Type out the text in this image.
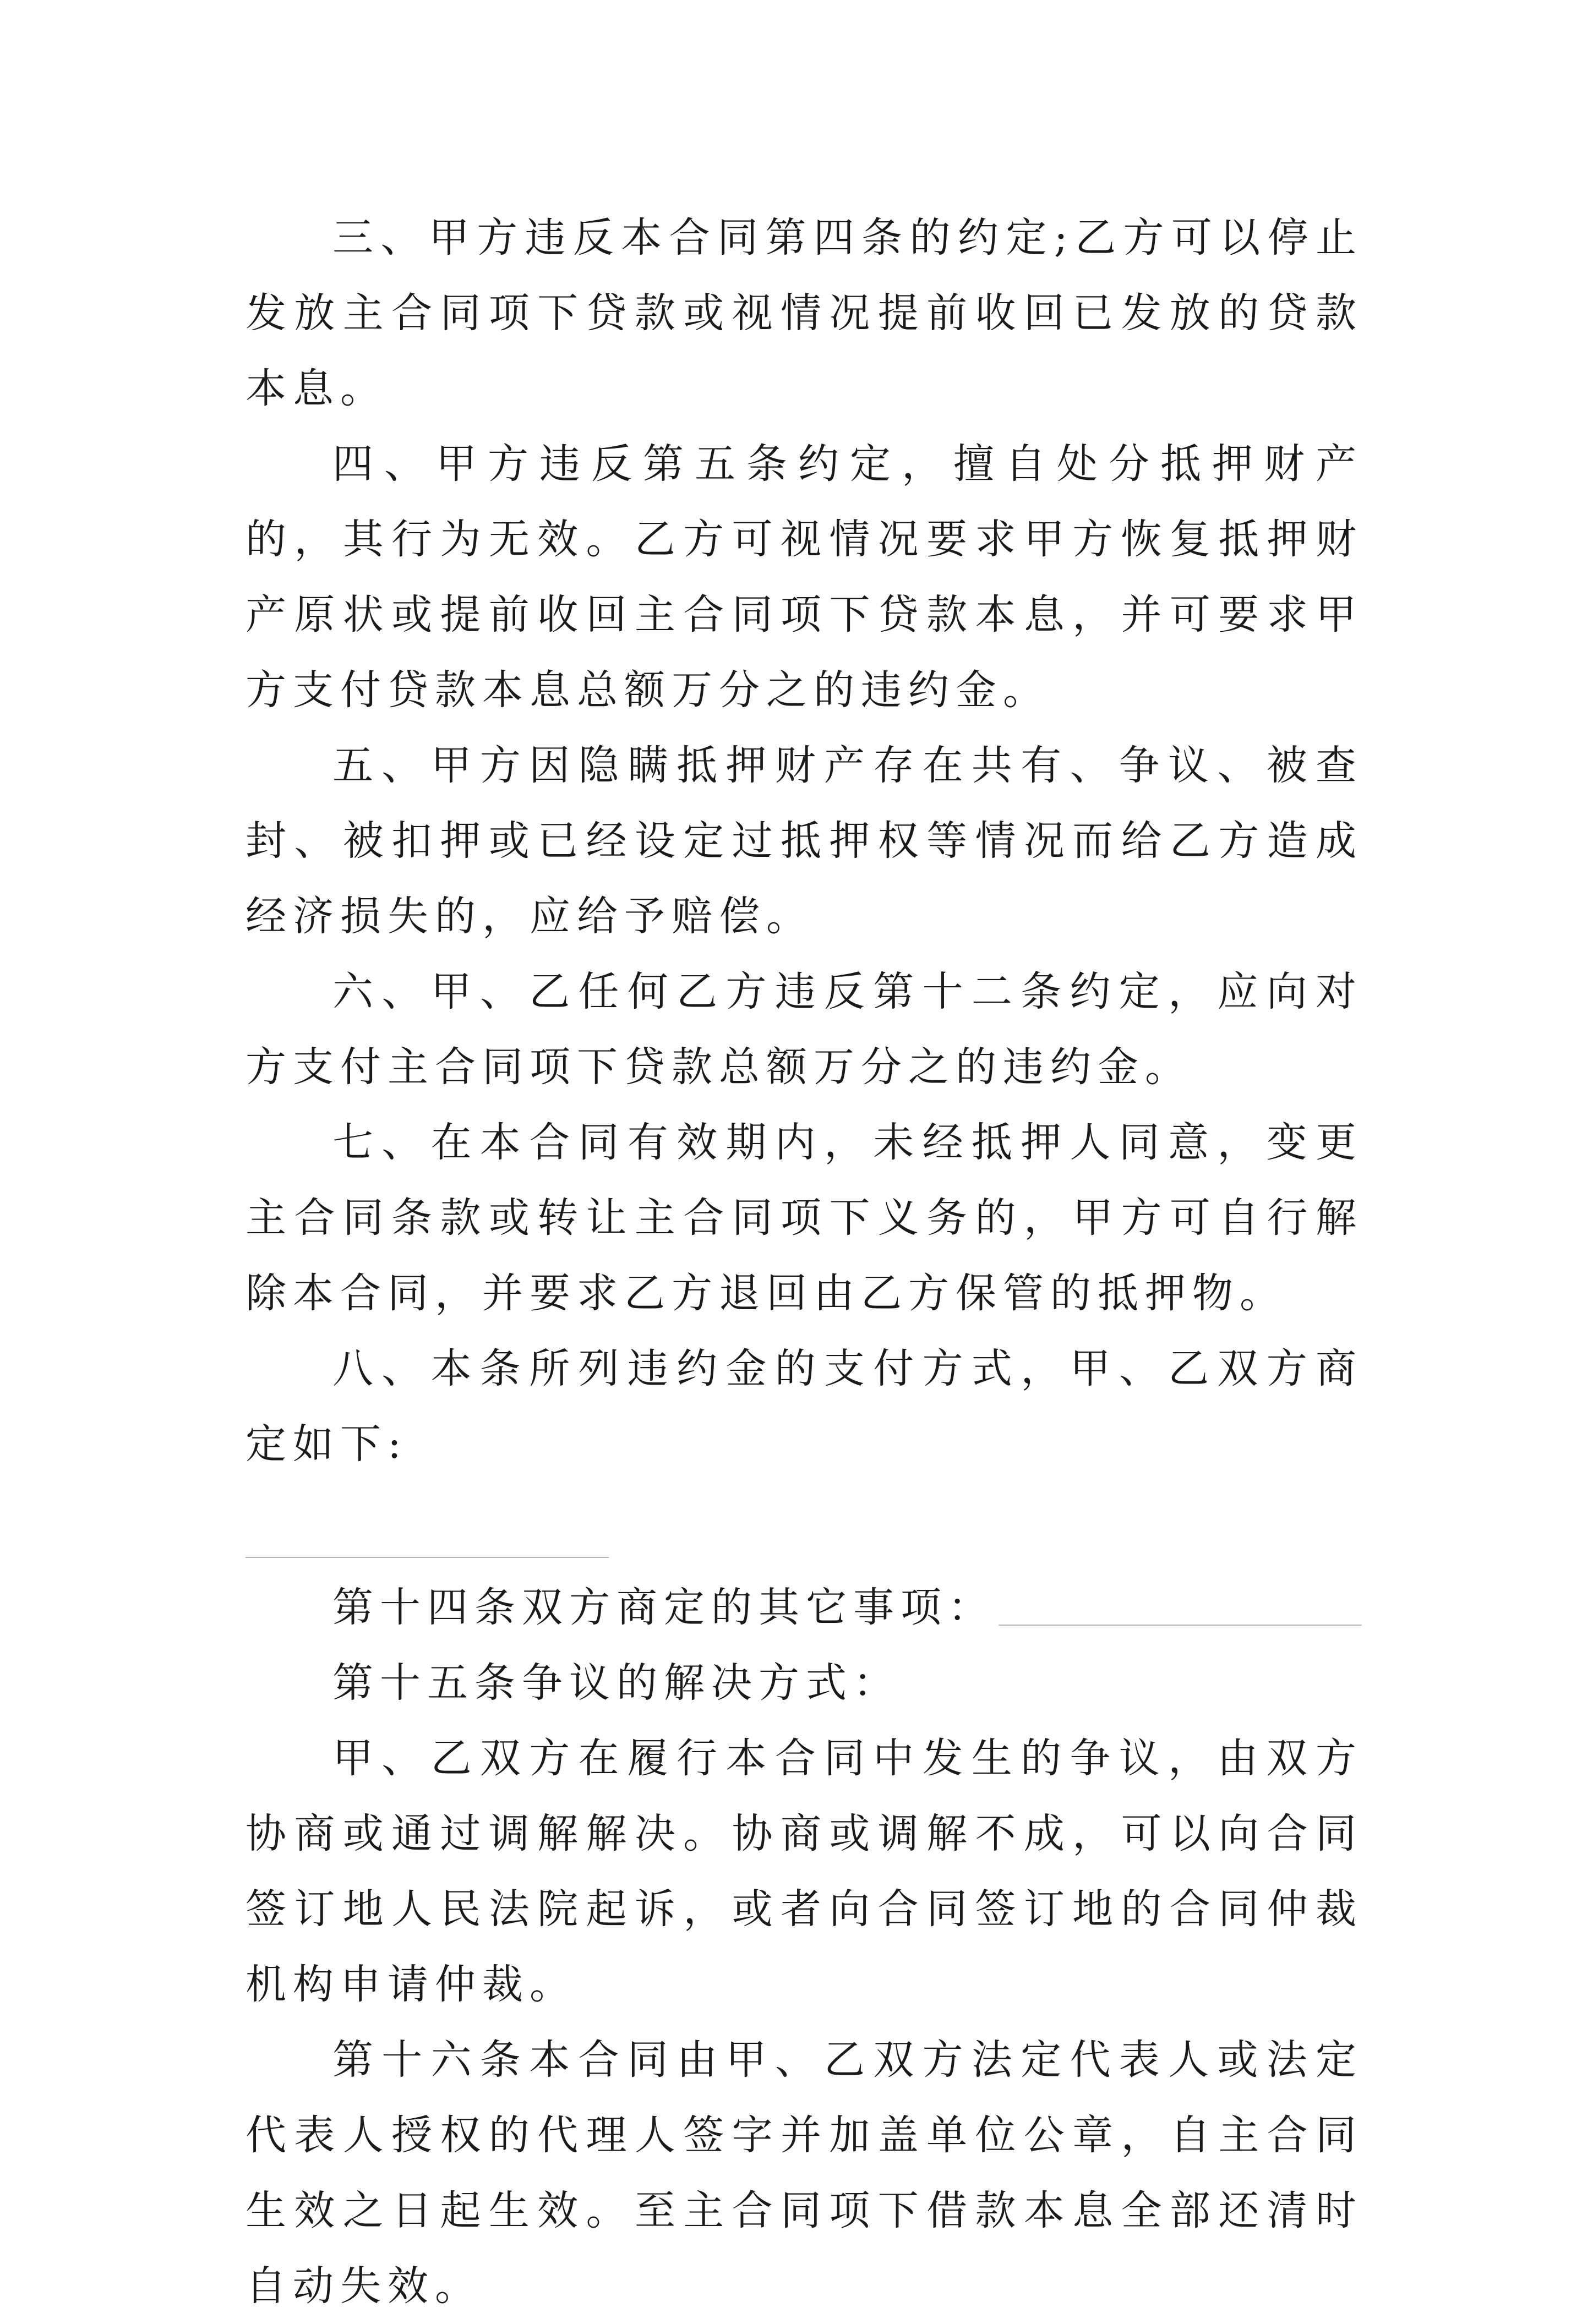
三、甲方违反本合同第四条的约定;乙方可以停止发放主合同项下贷款或视情况提前收回已发放的贷款本息。

四、甲方违反第五条约定，擅自处分抵押财产的，其行为无效。乙方可视情况要求甲方恢复抵押财产原状或提前收回主合同项下贷款本息，并可要求甲方支付贷款本息总额万分之的违约金。

五、甲方因隐瞒抵押财产存在共有、争议、被查封、被扣押或已经设定过抵押权等情况而给乙方造成经济损失的，应给予赔偿。

六、甲、乙任何乙方违反第十二条约定，应向对方支付主合同项下贷款总额万分之的违约金。

七、在本合同有效期内，未经抵押人同意，变更主合同条款或转让主合同项下义务的，甲方可自行解除本合同，并要求乙方退回由乙方保管的抵押物。

八、本条所列违约金的支付方式，甲、乙双方商定如下:

第十四条双方商定的其它事项：

第十五条争议的解决方式：

甲、乙双方在履行本合同中发生的争议，由双方协商或通过调解解决。协商或调解不成，可以向合同签订地人民法院起诉，或者向合同签订地的合同仲裁机构申请仲裁。

第十六条本合同由甲、乙双方法定代表人或法定代表人授权的代理人签字并加盖单位公章，自主合同生效之日起生效。至主合同项下借款本息全部还清时自动失效。
